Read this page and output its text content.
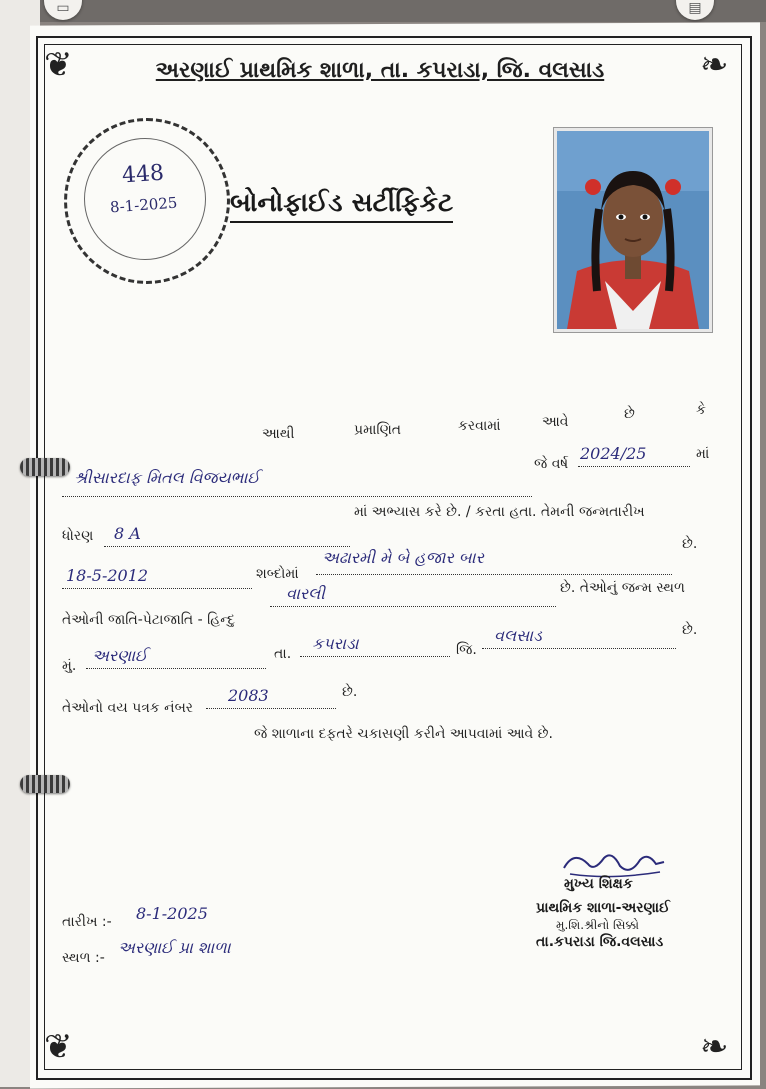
▭	▤
❦	❧
❦	❧
અરણાઈ પ્રાથમિક શાળા, તા. કપરાડા, જિ. વલસાડ
448
8-1-2025 બોનોફાઈડ સર્ટીફિકેટ
આથી	પ્રમાણિત	કરવામાં	આવે	છે	કે
શ્રીસારદાફ મિતલ વિજયભાઈ
જે વર્ષ
2024/25	માં
ધોરણ 8 A
માં અભ્યાસ કરે છે. / કરતા હતા. તેમની જન્મતારીખ
18-5-2012	શબ્દોમાં
અઢારમી મે બે હજાર બાર
છે.
તેઓની જાતિ-પેટાજાતિ - હિન્દુ
વારલી	છે. તેઓનું જન્મ સ્થળ
મું.
અરણાઈ	તા.
કપરાડા	જિ.
વલસાડ	છે.
તેઓનો વય પત્રક નંબર
2083	છે.
જે શાળાના દફતરે ચકાસણી કરીને આપવામાં આવે છે.
તારીખ :- 8-1-2025
સ્થળ :-
અરણાઈ પ્રા શાળા
મુખ્ય શિક્ષક
પ્રાથમિક શાળા-અરણાઈ
મુ.શિ.શ્રીનો સિક્કો
તા.કપરાડા જિ.વલસાડ
